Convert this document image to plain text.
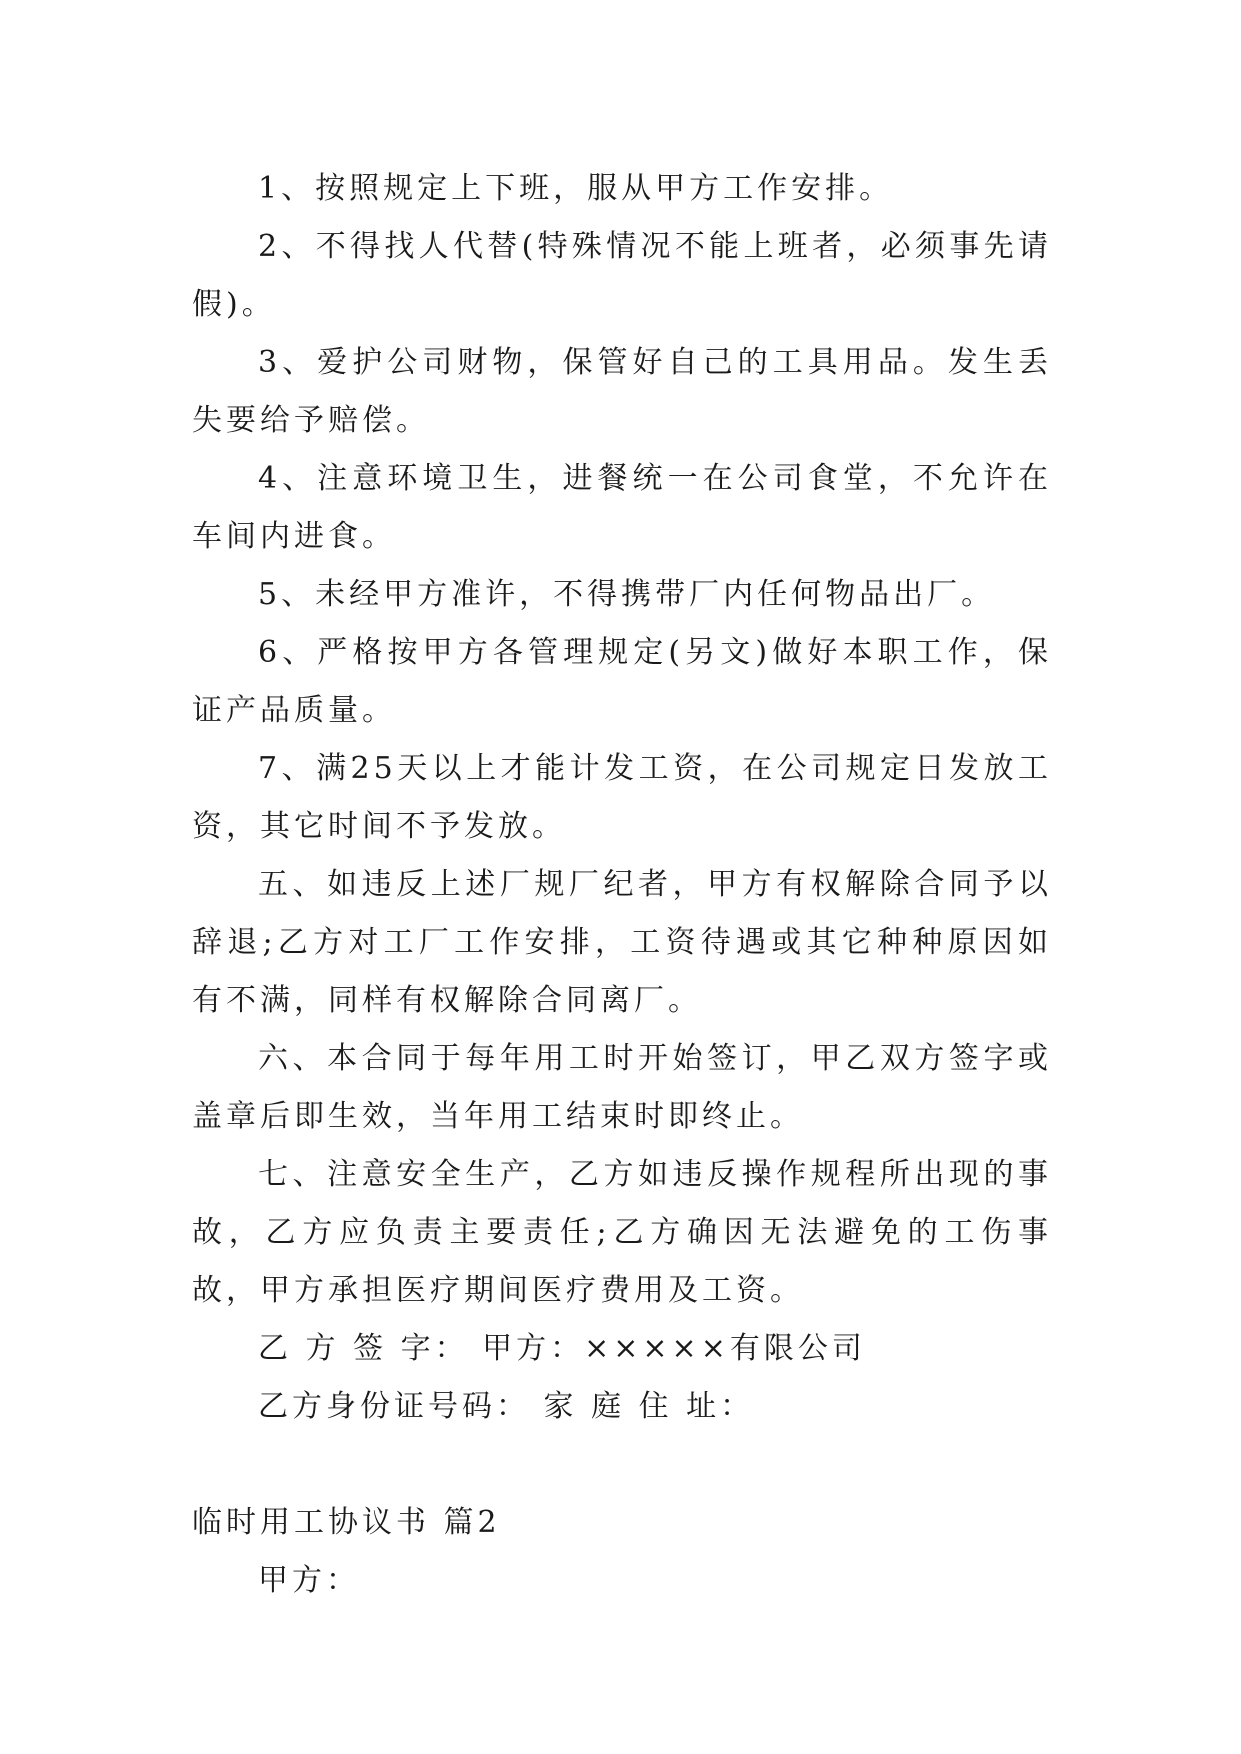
1、按照规定上下班，服从甲方工作安排。

2、不得找人代替(特殊情况不能上班者，必须事先请假)。

3、爱护公司财物，保管好自己的工具用品。发生丢失要给予赔偿。

4、注意环境卫生，进餐统一在公司食堂，不允许在车间内进食。

5、未经甲方准许，不得携带厂内任何物品出厂。

6、严格按甲方各管理规定(另文)做好本职工作，保证产品质量。

7、满25天以上才能计发工资，在公司规定日发放工资，其它时间不予发放。

五、如违反上述厂规厂纪者，甲方有权解除合同予以辞退;乙方对工厂工作安排，工资待遇或其它种种原因如有不满，同样有权解除合同离厂。

六、本合同于每年用工时开始签订，甲乙双方签字或盖章后即生效，当年用工结束时即终止。

七、注意安全生产，乙方如违反操作规程所出现的事故，乙方应负责主要责任;乙方确因无法避免的工伤事故，甲方承担医疗期间医疗费用及工资。

乙 方 签 字： 甲方：×××××有限公司

乙方身份证号码： 家 庭 住 址：

临时用工协议书 篇2

甲方：
